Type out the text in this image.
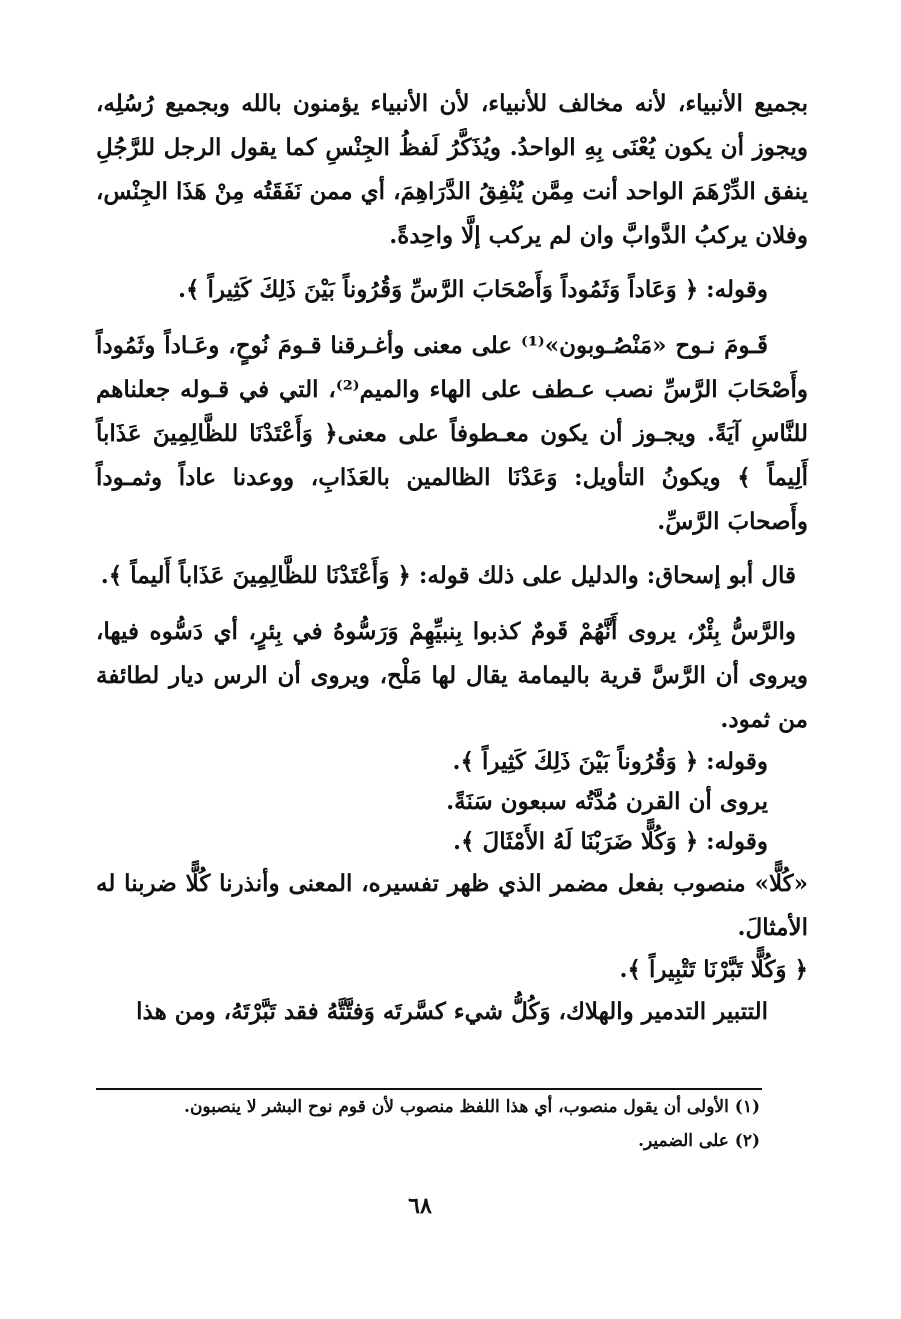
بجميع الأنبياء، لأنه مخالف للأنبياء، لأن الأنبياء يؤمنون بالله وبجميع رُسُلِه، ويجوز أن يكون يُعْنَى بِهِ الواحدُ. ويُذَكَّرُ لَفظُ الجِنْسِ كما يقول الرجل للرَّجُلِ ينفق الدِّرْهَمَ الواحد أنت مِمَّن يُنْفِقُ الدَّرَاهِمَ، أي ممن نَفَقَتُه مِنْ هَذَا الجِنْس، وفلان يركبُ الدَّوابَّ وان لم يركب إلَّا واحِدةً.

وقوله: ﴿ وَعَاداً وَثَمُوداً وَأَصْحَابَ الرَّسِّ وَقُرُوناً بَيْنَ ذَلِكَ كَثِيراً ﴾.

قَـومَ نـوح «مَنْصُـوبون»⁽¹⁾ على معنى وأغـرقنا قـومَ نُوحٍ، وعَـاداً وثَمُوداً وأَصْحَابَ الرَّسِّ نصب عـطف على الهاء والميم⁽²⁾، التي في قـوله جعلناهم للنَّاسِ آيَةً. ويجـوز أن يكون معـطوفاً على معنى﴿ وَأَعْتَدْنَا للظَّالِمِينَ عَذَاباً أَلِيماً ﴾ ويكونُ التأويل: وَعَدْنَا الظالمين بالعَذَابِ، ووعدنا عاداً وثمـوداً وأَصحابَ الرَّسِّ.

قال أبو إسحاق: والدليل على ذلك قوله: ﴿ وَأَعْتَدْنَا للظَّالِمِينَ عَذَاباً أَليماً ﴾.

والرَّسُّ بِئْرٌ، يروى أَنَّهُمْ قَومٌ كذبوا بِنبيِّهِمْ وَرَسُّوهُ في بِئرٍ، أي دَسُّوه فيها، ويروى أن الرَّسَّ قرية باليمامة يقال لها مَلْح، ويروى أن الرس ديار لطائفة من ثمود.

وقوله: ﴿ وَقُرُوناً بَيْنَ ذَلِكَ كَثِيراً ﴾.

يروى أن القرن مُدَّتُه سبعون سَنَةً.

وقوله: ﴿ وَكُلًّا ضَرَبْنَا لَهُ الأَمْثَالَ ﴾.

«كُلًّا» منصوب بفعل مضمر الذي ظهر تفسيره، المعنى وأنذرنا كُلًّا ضربنا له الأمثالَ.

﴿ وَكُلًّا تَبَّرْنَا تَتْبِيراً ﴾.

التتبير التدمير والهلاك، وَكُلُّ شيء كسَّرتَه وَفتَّتَّهُ فقد تَبَّرْتَهُ، ومن هذا

(١) الأولى أن يقول منصوب، أي هذا اللفظ منصوب لأن قوم نوح البشر لا ينصبون.

(٢) على الضمير.

٦٨
